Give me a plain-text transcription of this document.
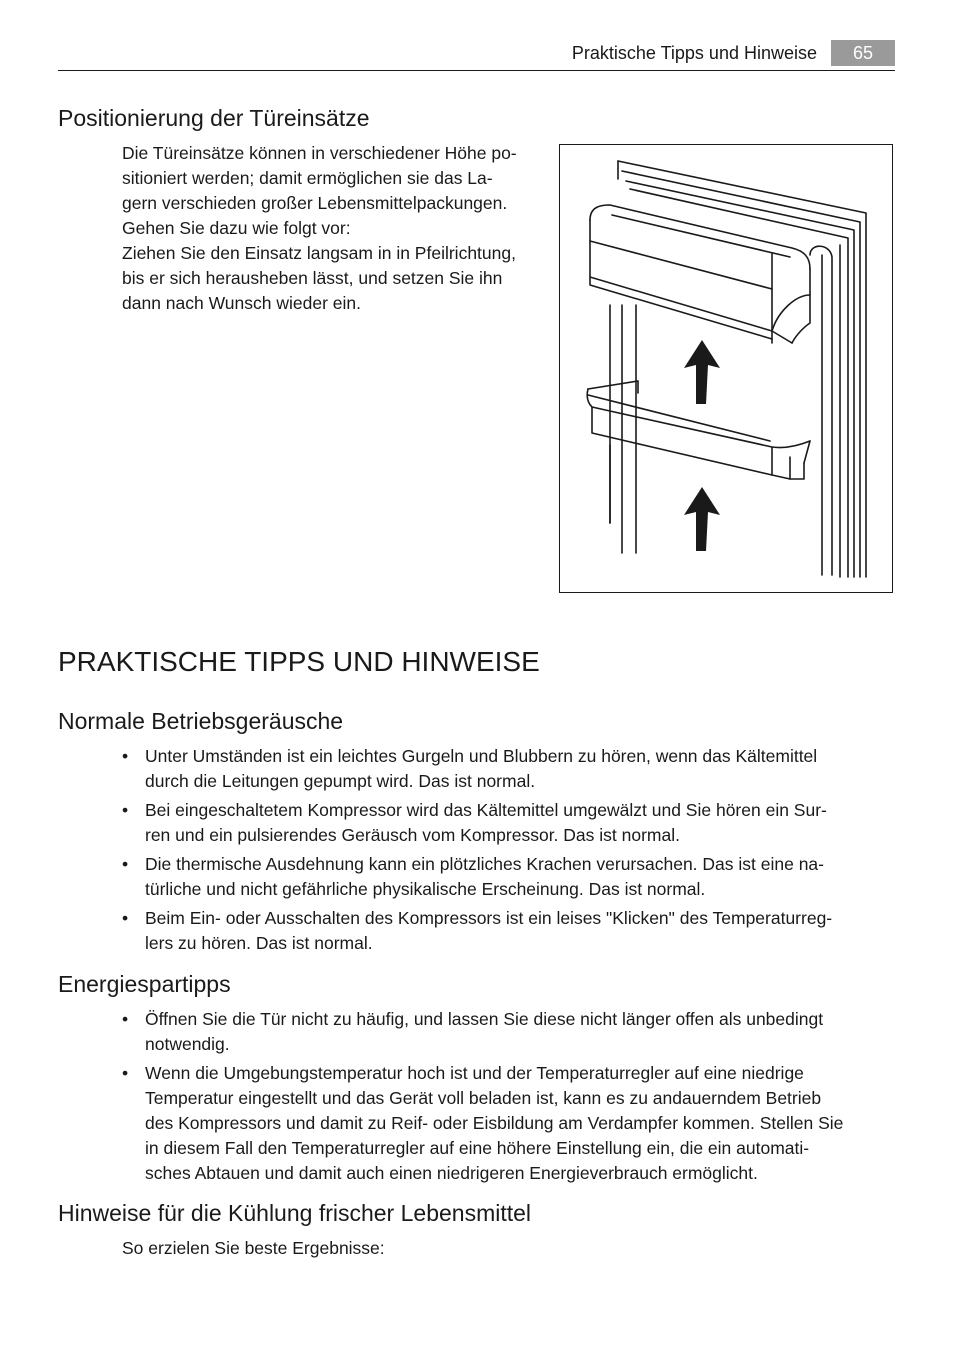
Praktische Tipps und Hinweise	65
Positionierung der Türeinsätze
Die Türeinsätze können in verschiedener Höhe po-
sitioniert werden; damit ermöglichen sie das La-
gern verschieden großer Lebensmittelpackungen.
Gehen Sie dazu wie folgt vor:
Ziehen Sie den Einsatz langsam in in Pfeilrichtung,
bis er sich herausheben lässt, und setzen Sie ihn
dann nach Wunsch wieder ein.
PRAKTISCHE TIPPS UND HINWEISE
Normale Betriebsgeräusche
• Unter Umständen ist ein leichtes Gurgeln und Blubbern zu hören, wenn das Kältemittel
durch die Leitungen gepumpt wird. Das ist normal.
• Bei eingeschaltetem Kompressor wird das Kältemittel umgewälzt und Sie hören ein Sur-
ren und ein pulsierendes Geräusch vom Kompressor. Das ist normal.
• Die thermische Ausdehnung kann ein plötzliches Krachen verursachen. Das ist eine na-
türliche und nicht gefährliche physikalische Erscheinung. Das ist normal.
• Beim Ein- oder Ausschalten des Kompressors ist ein leises "Klicken" des Temperaturreg-
lers zu hören. Das ist normal.
Energiespartipps
• Öffnen Sie die Tür nicht zu häufig, und lassen Sie diese nicht länger offen als unbedingt
notwendig.
• Wenn die Umgebungstemperatur hoch ist und der Temperaturregler auf eine niedrige
Temperatur eingestellt und das Gerät voll beladen ist, kann es zu andauerndem Betrieb
des Kompressors und damit zu Reif- oder Eisbildung am Verdampfer kommen. Stellen Sie
in diesem Fall den Temperaturregler auf eine höhere Einstellung ein, die ein automati-
sches Abtauen und damit auch einen niedrigeren Energieverbrauch ermöglicht.
Hinweise für die Kühlung frischer Lebensmittel
So erzielen Sie beste Ergebnisse:
